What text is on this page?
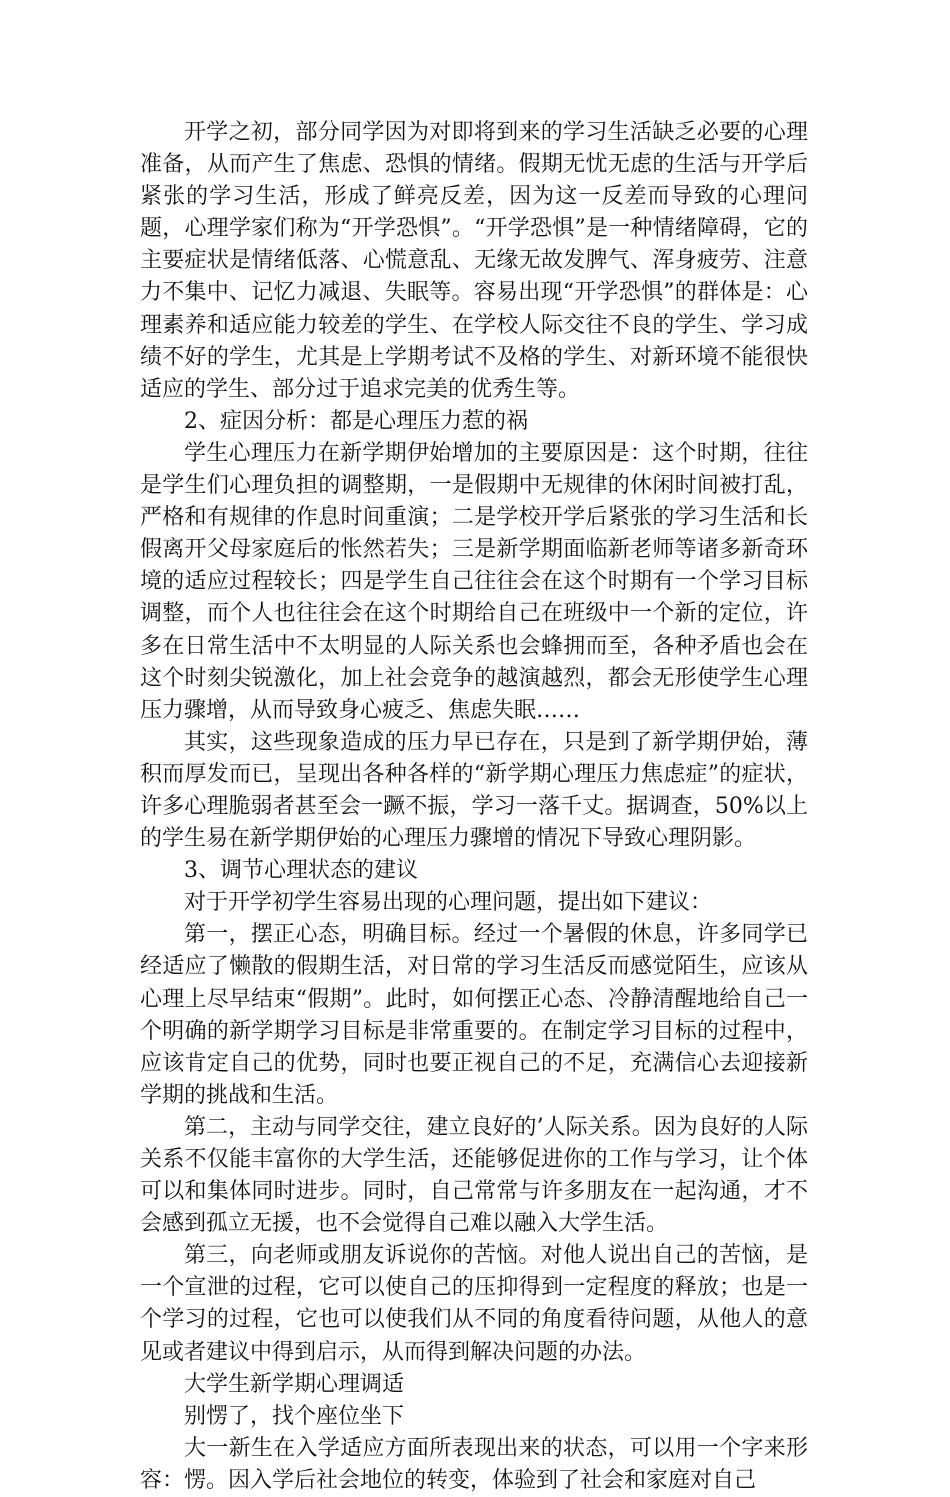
开学之初，部分同学因为对即将到来的学习生活缺乏必要的心理准备，从而产生了焦虑、恐惧的情绪。假期无忧无虑的生活与开学后紧张的学习生活，形成了鲜亮反差，因为这一反差而导致的心理问题，心理学家们称为“开学恐惧”。“开学恐惧”是一种情绪障碍，它的主要症状是情绪低落、心慌意乱、无缘无故发脾气、浑身疲劳、注意力不集中、记忆力减退、失眠等。容易出现“开学恐惧”的群体是：心理素养和适应能力较差的学生、在学校人际交往不良的学生、学习成绩不好的学生，尤其是上学期考试不及格的学生、对新环境不能很快适应的学生、部分过于追求完美的优秀生等。

2、症因分析：都是心理压力惹的祸

学生心理压力在新学期伊始增加的主要原因是：这个时期，往往是学生们心理负担的调整期，一是假期中无规律的休闲时间被打乱，严格和有规律的作息时间重演；二是学校开学后紧张的学习生活和长假离开父母家庭后的怅然若失；三是新学期面临新老师等诸多新奇环境的适应过程较长；四是学生自己往往会在这个时期有一个学习目标调整，而个人也往往会在这个时期给自己在班级中一个新的定位，许多在日常生活中不太明显的人际关系也会蜂拥而至，各种矛盾也会在这个时刻尖锐激化，加上社会竞争的越演越烈，都会无形使学生心理压力骤增，从而导致身心疲乏、焦虑失眠……

其实，这些现象造成的压力早已存在，只是到了新学期伊始，薄积而厚发而已，呈现出各种各样的“新学期心理压力焦虑症”的症状，许多心理脆弱者甚至会一蹶不振，学习一落千丈。据调查，50%以上的学生易在新学期伊始的心理压力骤增的情况下导致心理阴影。

3、调节心理状态的建议

对于开学初学生容易出现的心理问题，提出如下建议：

第一，摆正心态，明确目标。经过一个暑假的休息，许多同学已经适应了懒散的假期生活，对日常的学习生活反而感觉陌生，应该从心理上尽早结束“假期”。此时，如何摆正心态、冷静清醒地给自己一个明确的新学期学习目标是非常重要的。在制定学习目标的过程中，应该肯定自己的优势，同时也要正视自己的不足，充满信心去迎接新学期的挑战和生活。

第二，主动与同学交往，建立良好的’人际关系。因为良好的人际关系不仅能丰富你的大学生活，还能够促进你的工作与学习，让个体可以和集体同时进步。同时，自己常常与许多朋友在一起沟通，才不会感到孤立无援，也不会觉得自己难以融入大学生活。

第三，向老师或朋友诉说你的苦恼。对他人说出自己的苦恼，是一个宣泄的过程，它可以使自己的压抑得到一定程度的释放；也是一个学习的过程，它也可以使我们从不同的角度看待问题，从他人的意见或者建议中得到启示，从而得到解决问题的办法。

大学生新学期心理调适

别愣了，找个座位坐下

大一新生在入学适应方面所表现出来的状态，可以用一个字来形容：愣。因入学后社会地位的转变，体验到了社会和家庭对自己
